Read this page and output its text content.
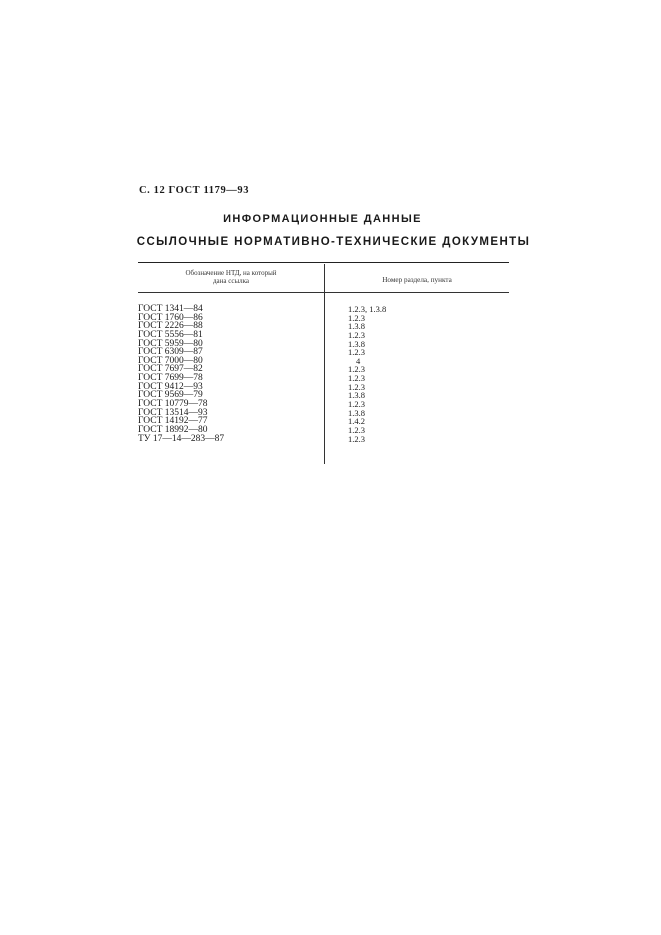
С. 12 ГОСТ 1179—93
ИНФОРМАЦИОННЫЕ ДАННЫЕ
ССЫЛОЧНЫЕ НОРМАТИВНО-ТЕХНИЧЕСКИЕ ДОКУМЕНТЫ
Обозначение НТД, на который
дана ссылка	Номер раздела, пункта
ГОСТ 1341—84	1.2.3, 1.3.8
ГОСТ 1760—86	1.2.3
ГОСТ 2226—88	1.3.8
ГОСТ 5556—81	1.2.3
ГОСТ 5959—80	1.3.8
ГОСТ 6309—87	1.2.3
ГОСТ 7000—80	4
ГОСТ 7697—82	1.2.3
ГОСТ 7699—78	1.2.3
ГОСТ 9412—93	1.2.3
ГОСТ 9569—79	1.3.8
ГОСТ 10779—78	1.2.3
ГОСТ 13514—93	1.3.8
ГОСТ 14192—77	1.4.2
ГОСТ 18992—80	1.2.3
ТУ 17—14—283—87	1.2.3
